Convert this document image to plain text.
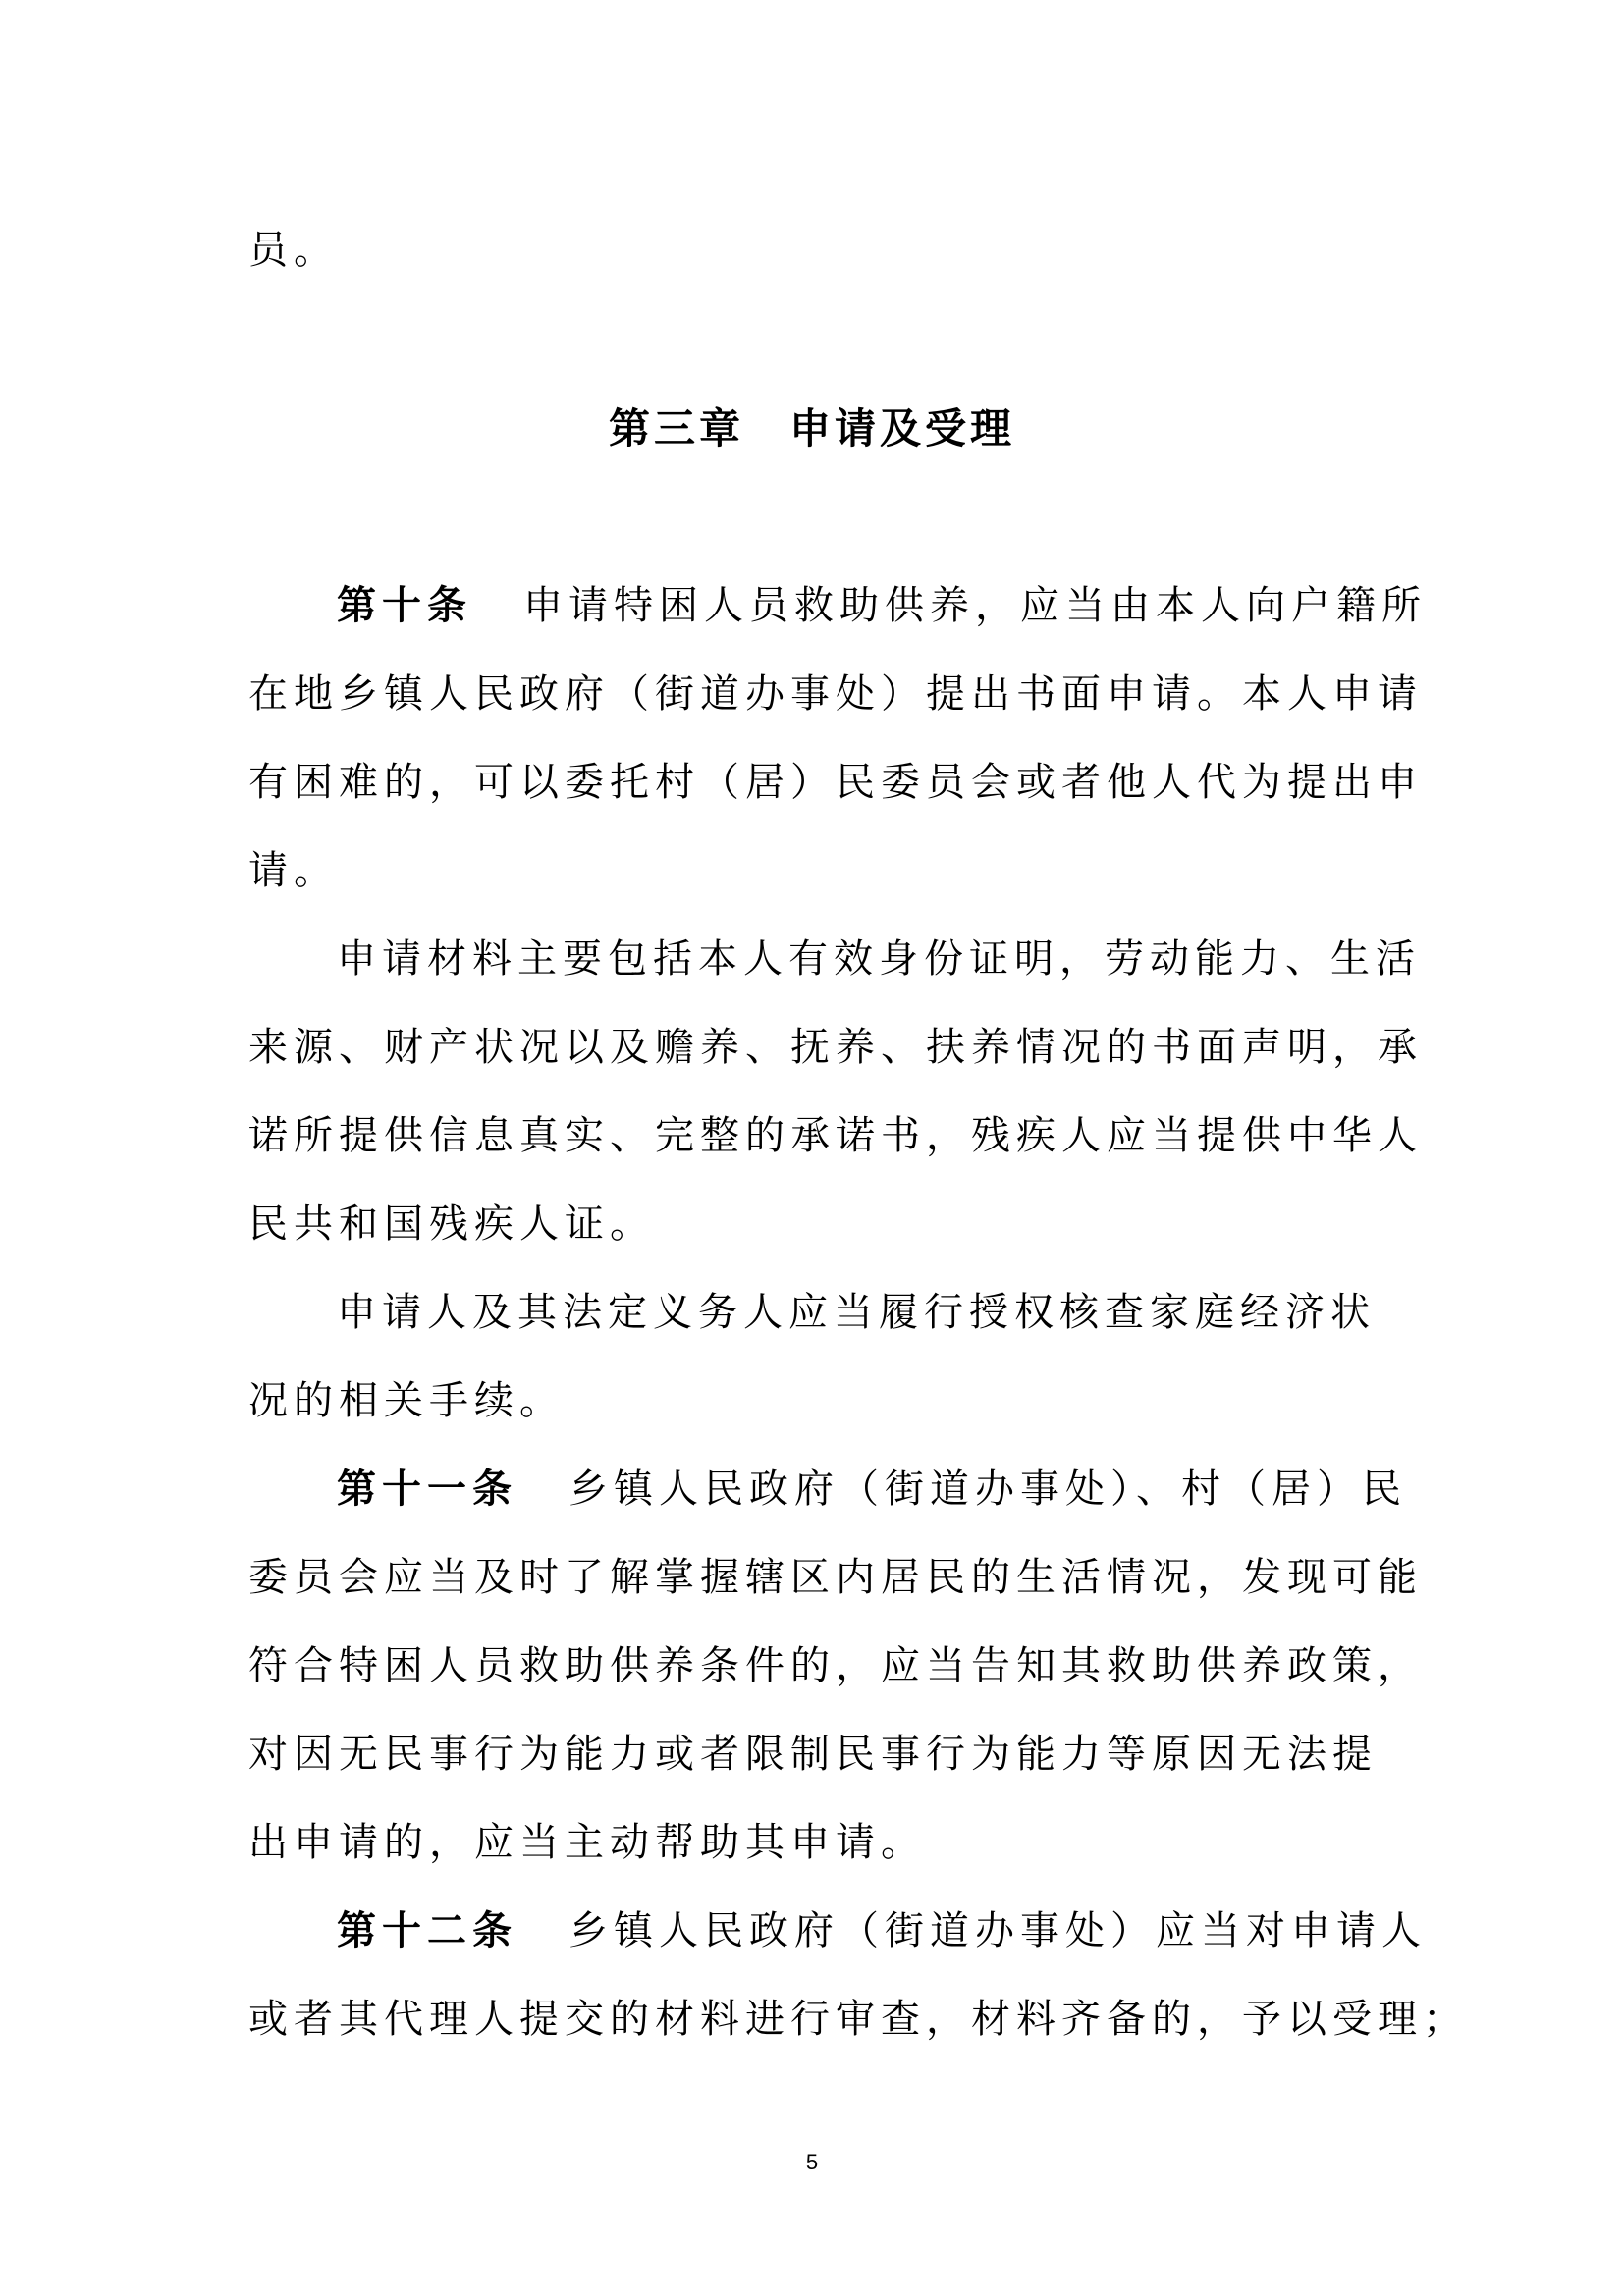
员。

第三章　申请及受理

第十条 申请特困人员救助供养，应当由本人向户籍所

在地乡镇人民政府（街道办事处）提出书面申请。本人申请

有困难的，可以委托村（居）民委员会或者他人代为提出申

请。

申请材料主要包括本人有效身份证明，劳动能力、生活

来源、财产状况以及赡养、抚养、扶养情况的书面声明，承

诺所提供信息真实、完整的承诺书，残疾人应当提供中华人

民共和国残疾人证。

申请人及其法定义务人应当履行授权核查家庭经济状

况的相关手续。

第十一条 乡镇人民政府（街道办事处）、村（居）民

委员会应当及时了解掌握辖区内居民的生活情况，发现可能

符合特困人员救助供养条件的，应当告知其救助供养政策，

对因无民事行为能力或者限制民事行为能力等原因无法提

出申请的，应当主动帮助其申请。

第十二条 乡镇人民政府（街道办事处）应当对申请人

或者其代理人提交的材料进行审查，材料齐备的，予以受理；

5
